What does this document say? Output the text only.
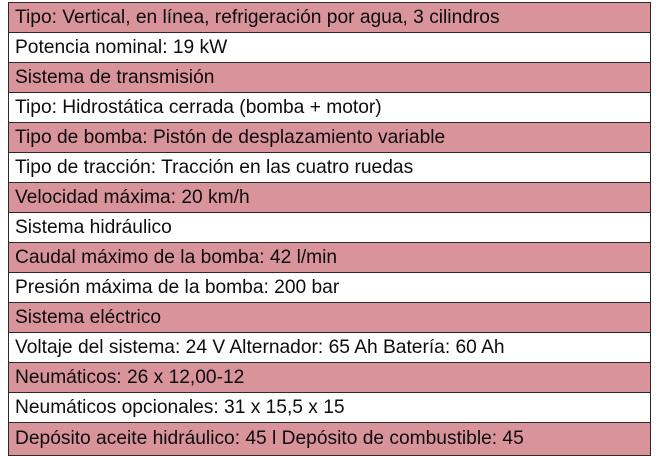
Tipo: Vertical, en línea, refrigeración por agua, 3 cilindros
Potencia nominal: 19 kW
Sistema de transmisión
Tipo: Hidrostática cerrada (bomba + motor)
Tipo de bomba: Pistón de desplazamiento variable
Tipo de tracción: Tracción en las cuatro ruedas
Velocidad máxima: 20 km/h
Sistema hidráulico
Caudal máximo de la bomba: 42 l/min
Presión máxima de la bomba: 200 bar
Sistema eléctrico
Voltaje del sistema: 24 V Alternador: 65 Ah Batería: 60 Ah
Neumáticos: 26 x 12,00-12
Neumáticos opcionales: 31 x 15,5 x 15
Depósito aceite hidráulico: 45 l Depósito de combustible: 45
